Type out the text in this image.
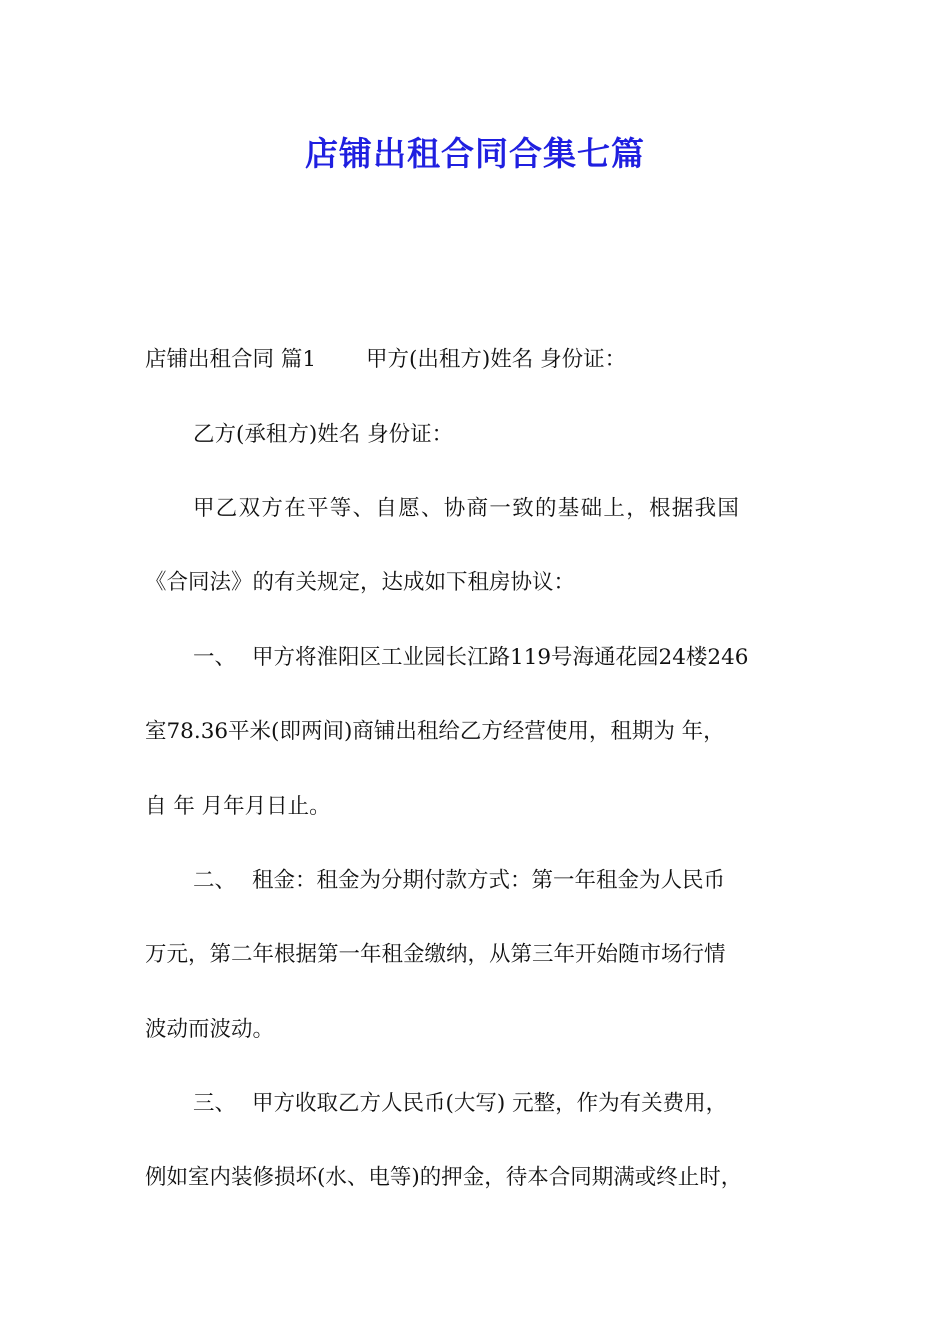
店铺出租合同合集七篇
店铺出租合同 篇1 甲方(出租方)姓名 身份证：
乙方(承租方)姓名 身份证：
甲乙双方在平等、自愿、协商一致的基础上，根据我国
《合同法》的有关规定，达成如下租房协议：
一、 甲方将淮阳区工业园长江路119号海通花园24楼246
室78.36平米(即两间)商铺出租给乙方经营使用，租期为 年，
自 年 月年月日止。
二、 租金：租金为分期付款方式：第一年租金为人民币
万元，第二年根据第一年租金缴纳，从第三年开始随市场行情
波动而波动。
三、 甲方收取乙方人民币(大写) 元整，作为有关费用，
例如室内装修损坏(水、电等)的押金，待本合同期满或终止时，
